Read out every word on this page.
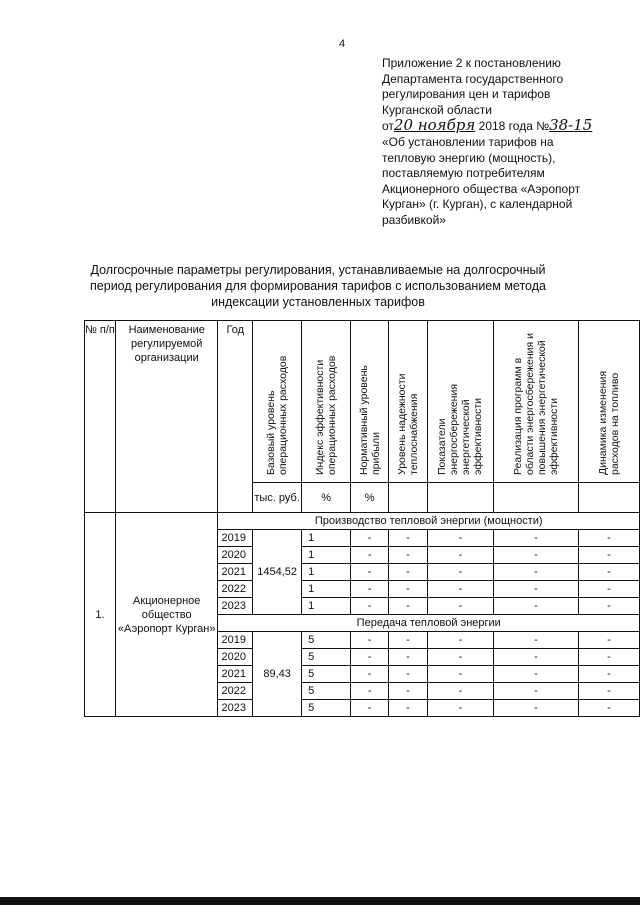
4
Приложение 2 к постановлению
Департамента государственного
регулирования цен и тарифов
Курганской области
от20 ноября 2018 года №38-15
«Об установлении тарифов на
тепловую энергию (мощность),
поставляемую потребителям
Акционерного общества «Аэропорт
Курган» (г. Курган), с календарной
разбивкой»
Долгосрочные параметры регулирования, устанавливаемые на долгосрочный период регулирования для формирования тарифов с использованием метода индексации установленных тарифов
№ п/п	Наименование регулируемой организации	Год	Базовый уровень операционных расходов	Индекс эффективности операционных расходов	Нормативный уровень прибыли	Уровень надежности теплоснабжения	Показатели энергосбережения энергетической эффективности	Реализация программ в области энергосбережения и повышения энергетической эффективности	Динамика изменения расходов на топливо
			тыс. руб.	%	%				
1.	Акционерное общество «Аэропорт Курган»	Производство тепловой энергии (мощности)							
		2019	1454,52	1	-	-	-	-	-
		2020		1	-	-	-	-	-
		2021		1	-	-	-	-	-
		2022		1	-	-	-	-	-
		2023		1	-	-	-	-	-
		Передача тепловой энергии							
		2019	89,43	5	-	-	-	-	-
		2020		5	-	-	-	-	-
		2021		5	-	-	-	-	-
		2022		5	-	-	-	-	-
		2023		5	-	-	-	-	-
